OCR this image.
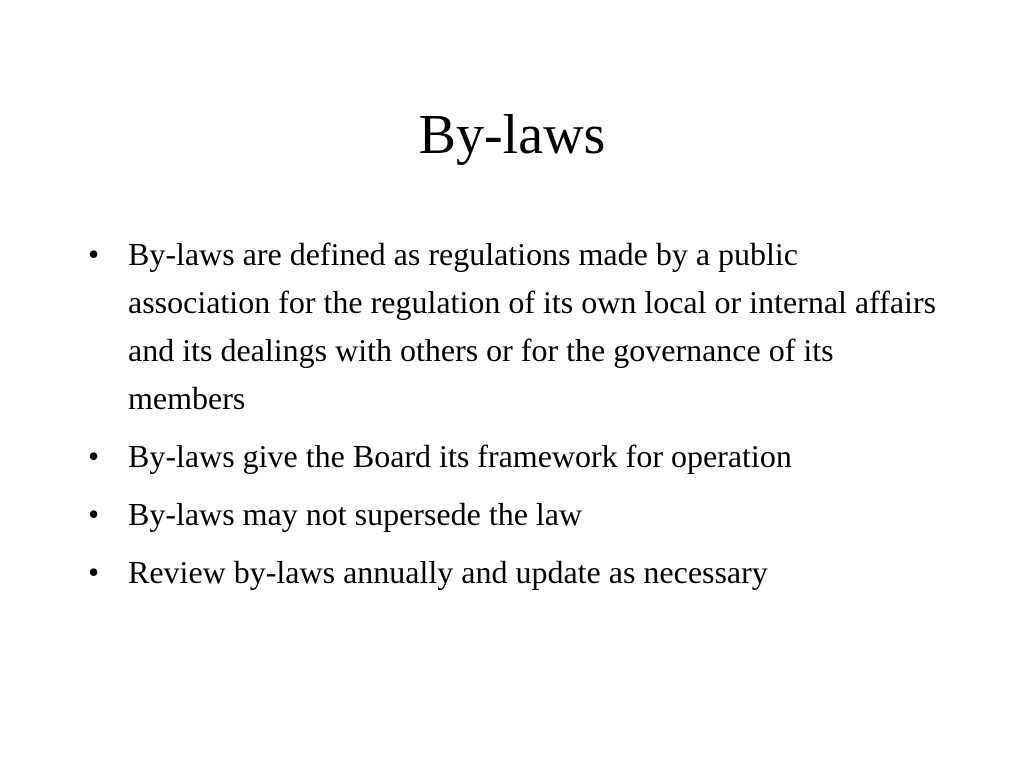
By-laws
• By-laws are defined as regulations made by a public association for the regulation of its own local or internal affairs and its dealings with others or for the governance of its members
• By-laws give the Board its framework for operation
• By-laws may not supersede the law
• Review by-laws annually and update as necessary
